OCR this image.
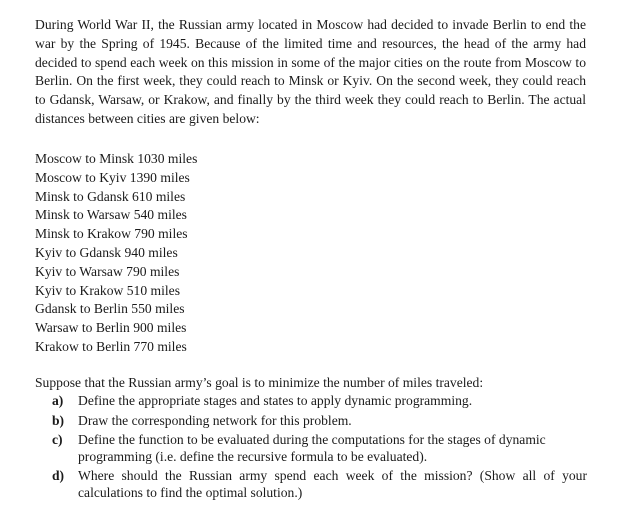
During World War II, the Russian army located in Moscow had decided to invade Berlin to end the war by the Spring of 1945. Because of the limited time and resources, the head of the army had decided to spend each week on this mission in some of the major cities on the route from Moscow to Berlin. On the first week, they could reach to Minsk or Kyiv. On the second week, they could reach to Gdansk, Warsaw, or Krakow, and finally by the third week they could reach to Berlin. The actual distances between cities are given below:

Moscow to Minsk 1030 miles
Moscow to Kyiv 1390 miles
Minsk to Gdansk 610 miles
Minsk to Warsaw 540 miles
Minsk to Krakow 790 miles
Kyiv to Gdansk 940 miles
Kyiv to Warsaw 790 miles
Kyiv to Krakow 510 miles
Gdansk to Berlin 550 miles
Warsaw to Berlin 900 miles
Krakow to Berlin 770 miles

Suppose that the Russian army’s goal is to minimize the number of miles traveled:

a)	Define the appropriate stages and states to apply dynamic programming.
b)	Draw the corresponding network for this problem.
c)	Define the function to be evaluated during the computations for the stages of dynamic programming (i.e. define the recursive formula to be evaluated).
d)	Where should the Russian army spend each week of the mission? (Show all of your calculations to find the optimal solution.)
